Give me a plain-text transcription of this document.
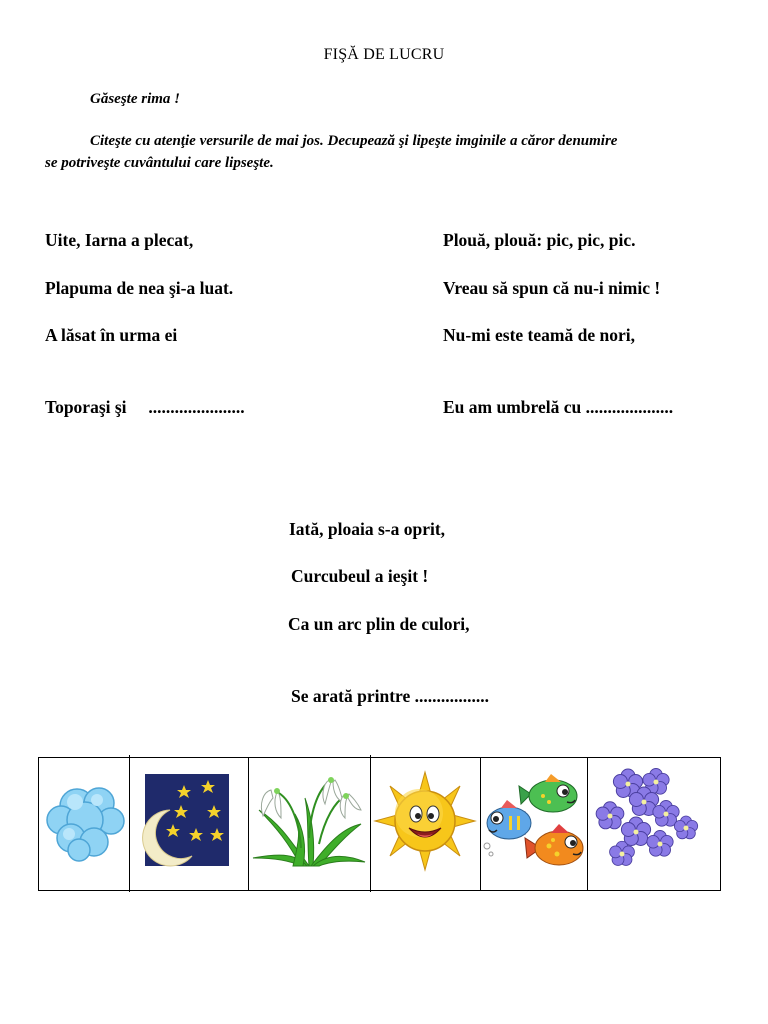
FIŞĂ DE LUCRU
Găseşte rima !
Citeşte cu atenţie versurile de mai jos. Decupează şi lipeşte imginile a căror denumire
se potriveşte cuvântului care lipseşte.
Uite, Iarna a plecat,
Plapuma de nea şi-a luat.
A lăsat în urma ei
Toporaşi şi     ......................
Plouă, plouă: pic, pic, pic.
Vreau să spun că nu-i nimic !
Nu-mi este teamă de nori,
Eu am umbrelă cu ....................
Iată, ploaia s-a oprit,
Curcubeul a ieşit !
Ca un arc plin de culori,
Se arată printre .................
